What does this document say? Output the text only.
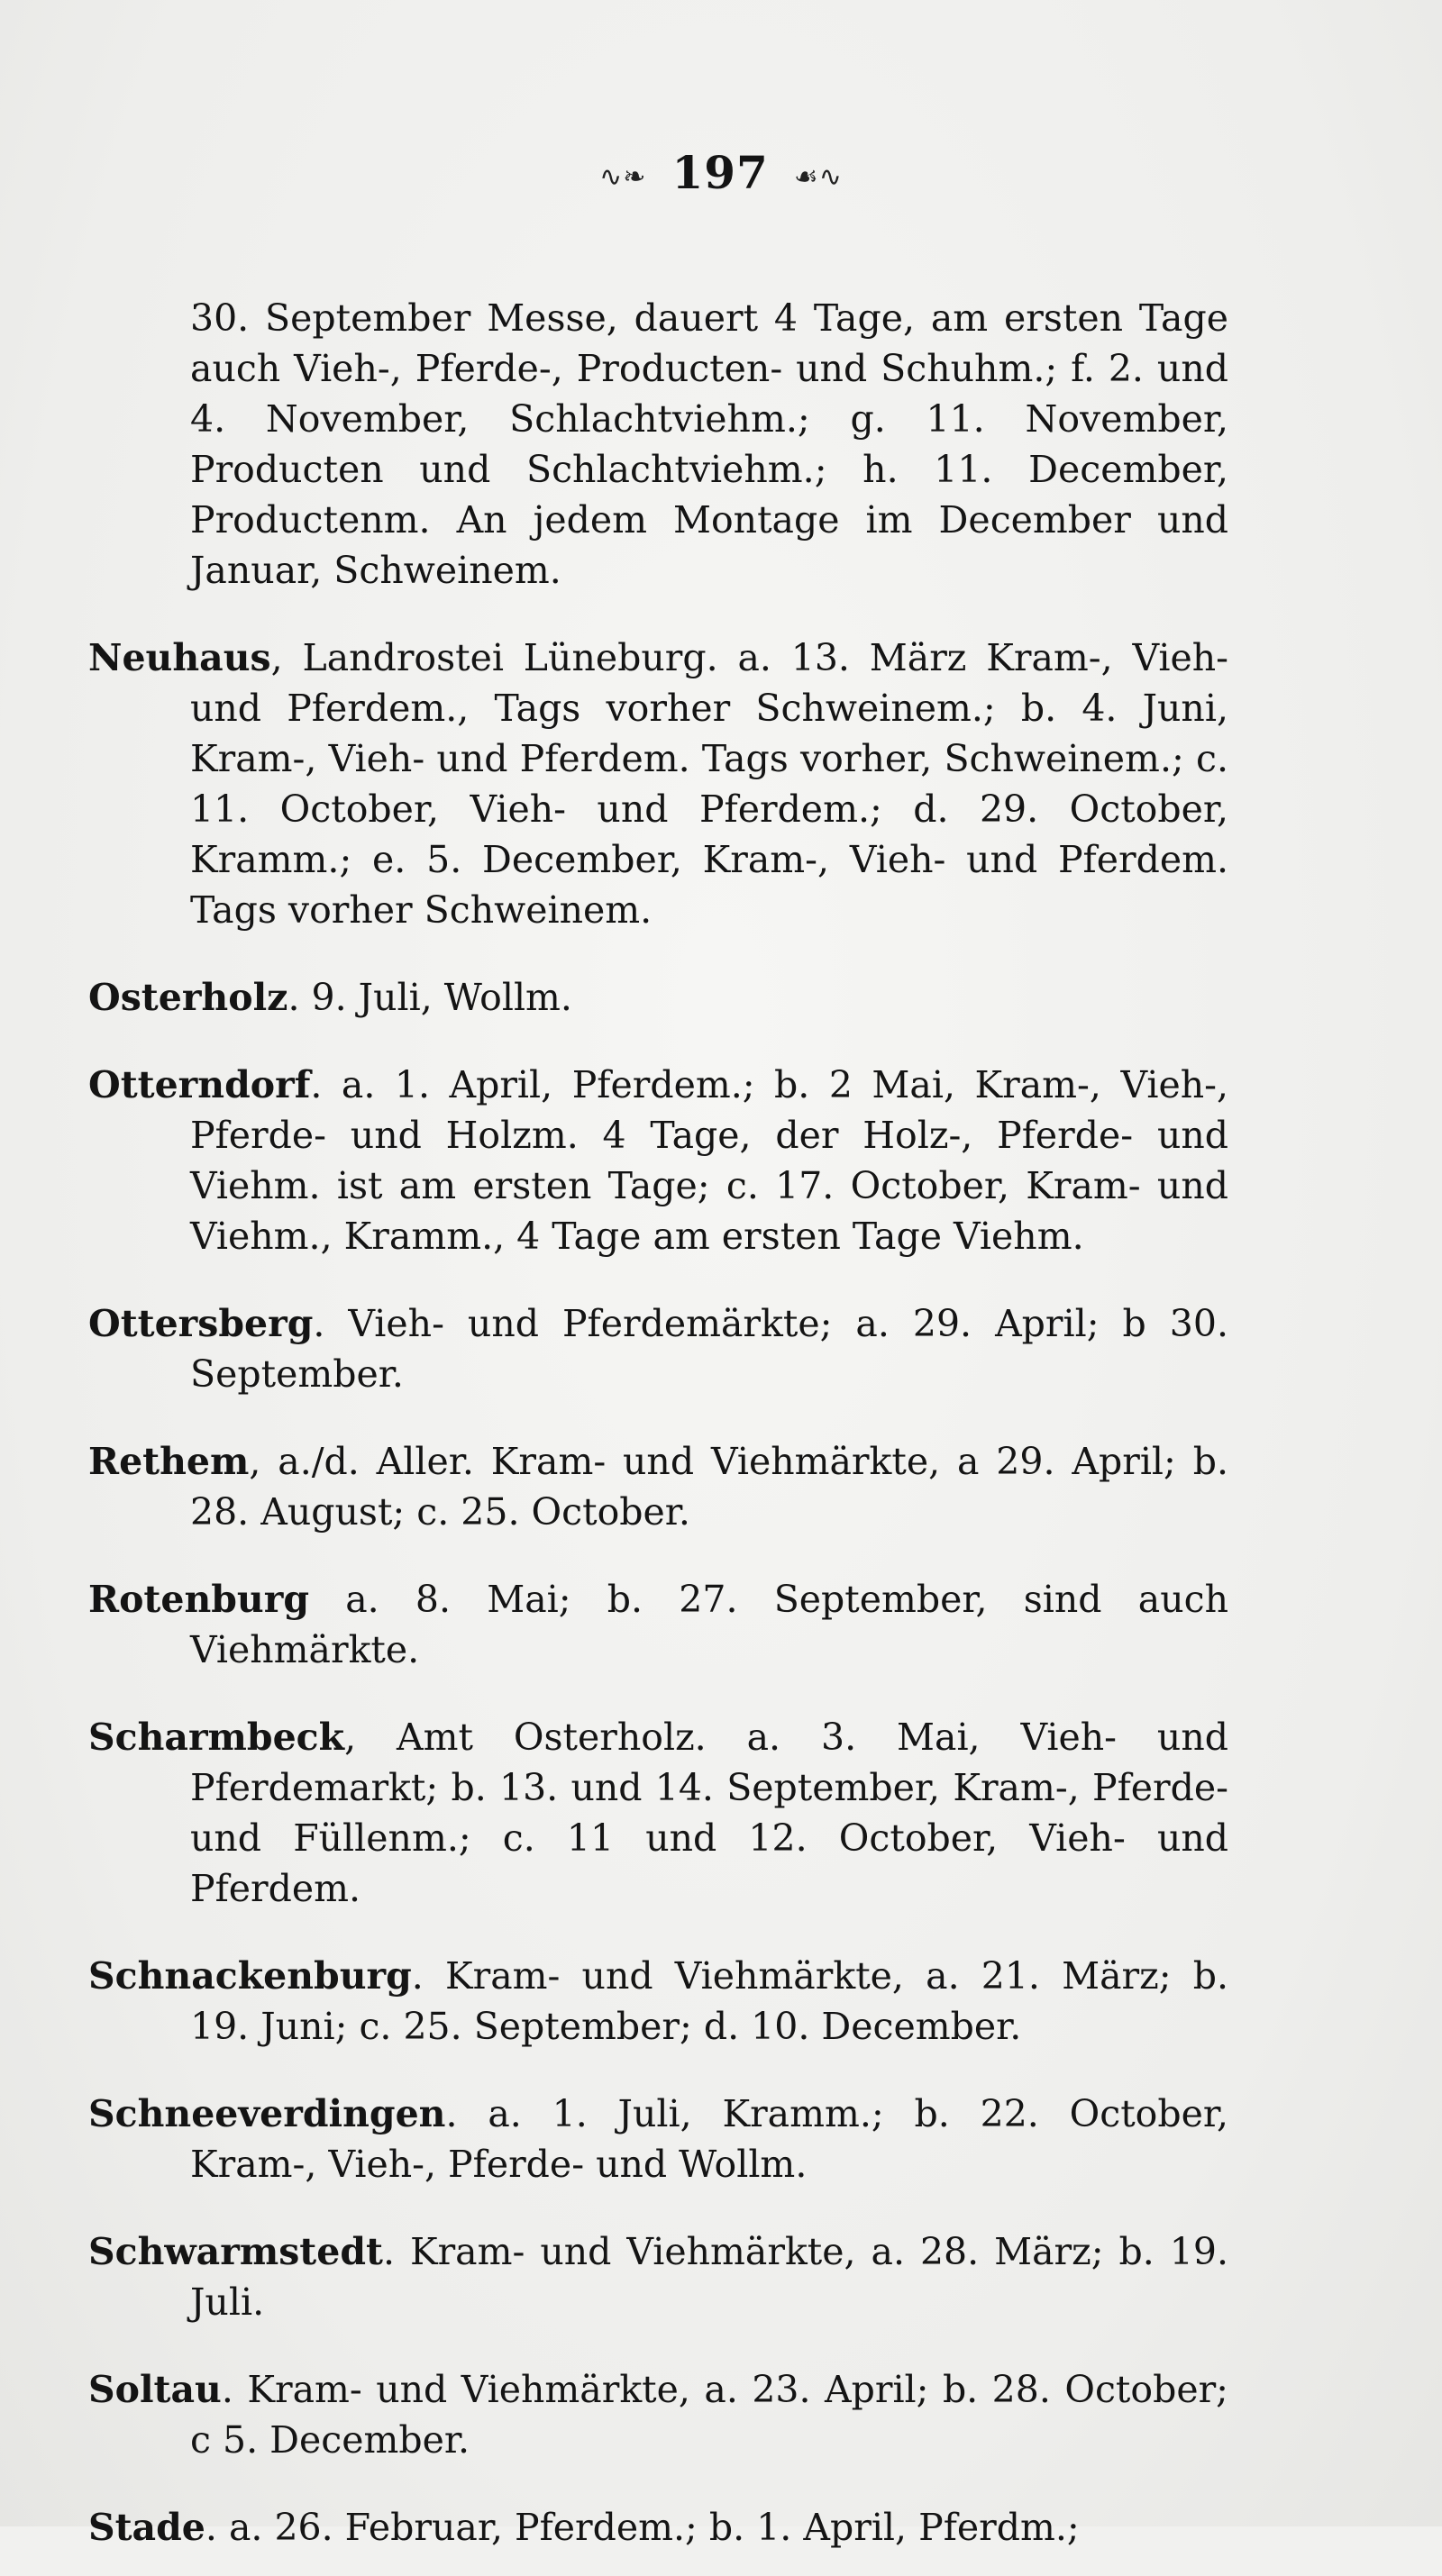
∿❧ 197 ☙∿

30. September Messe, dauert 4 Tage, am ersten Tage auch Vieh-, Pferde-, Producten- und Schuhm.; f. 2. und 4. November, Schlachtviehm.; g. 11. November, Producten und Schlachtviehm.; h. 11. December, Productenm. An jedem Montage im December und Januar, Schweinem.

Neuhaus, Landrostei Lüneburg. a. 13. März Kram-, Vieh- und Pferdem., Tags vorher Schweinem.; b. 4. Juni, Kram-, Vieh- und Pferdem. Tags vorher, Schweinem.; c. 11. October, Vieh- und Pferdem.; d. 29. October, Kramm.; e. 5. December, Kram-, Vieh- und Pferdem. Tags vorher Schweinem.

Osterholz. 9. Juli, Wollm.

Otterndorf. a. 1. April, Pferdem.; b. 2 Mai, Kram-, Vieh-, Pferde- und Holzm. 4 Tage, der Holz-, Pferde- und Viehm. ist am ersten Tage; c. 17. October, Kram- und Viehm., Kramm., 4 Tage am ersten Tage Viehm.

Ottersberg. Vieh- und Pferdemärkte; a. 29. April; b 30. September.

Rethem, a./d. Aller. Kram- und Viehmärkte, a 29. April; b. 28. August; c. 25. October.

Rotenburg a. 8. Mai; b. 27. September, sind auch Viehmärkte.

Scharmbeck, Amt Osterholz. a. 3. Mai, Vieh- und Pferdemarkt; b. 13. und 14. September, Kram-, Pferde- und Füllenm.; c. 11 und 12. October, Vieh- und Pferdem.

Schnackenburg. Kram- und Viehmärkte, a. 21. März; b. 19. Juni; c. 25. September; d. 10. December.

Schneeverdingen. a. 1. Juli, Kramm.; b. 22. October, Kram-, Vieh-, Pferde- und Wollm.

Schwarmstedt. Kram- und Viehmärkte, a. 28. März; b. 19. Juli.

Soltau. Kram- und Viehmärkte, a. 23. April; b. 28. October; c 5. December.

Stade. a. 26. Februar, Pferdem.; b. 1. April, Pferdm.;
